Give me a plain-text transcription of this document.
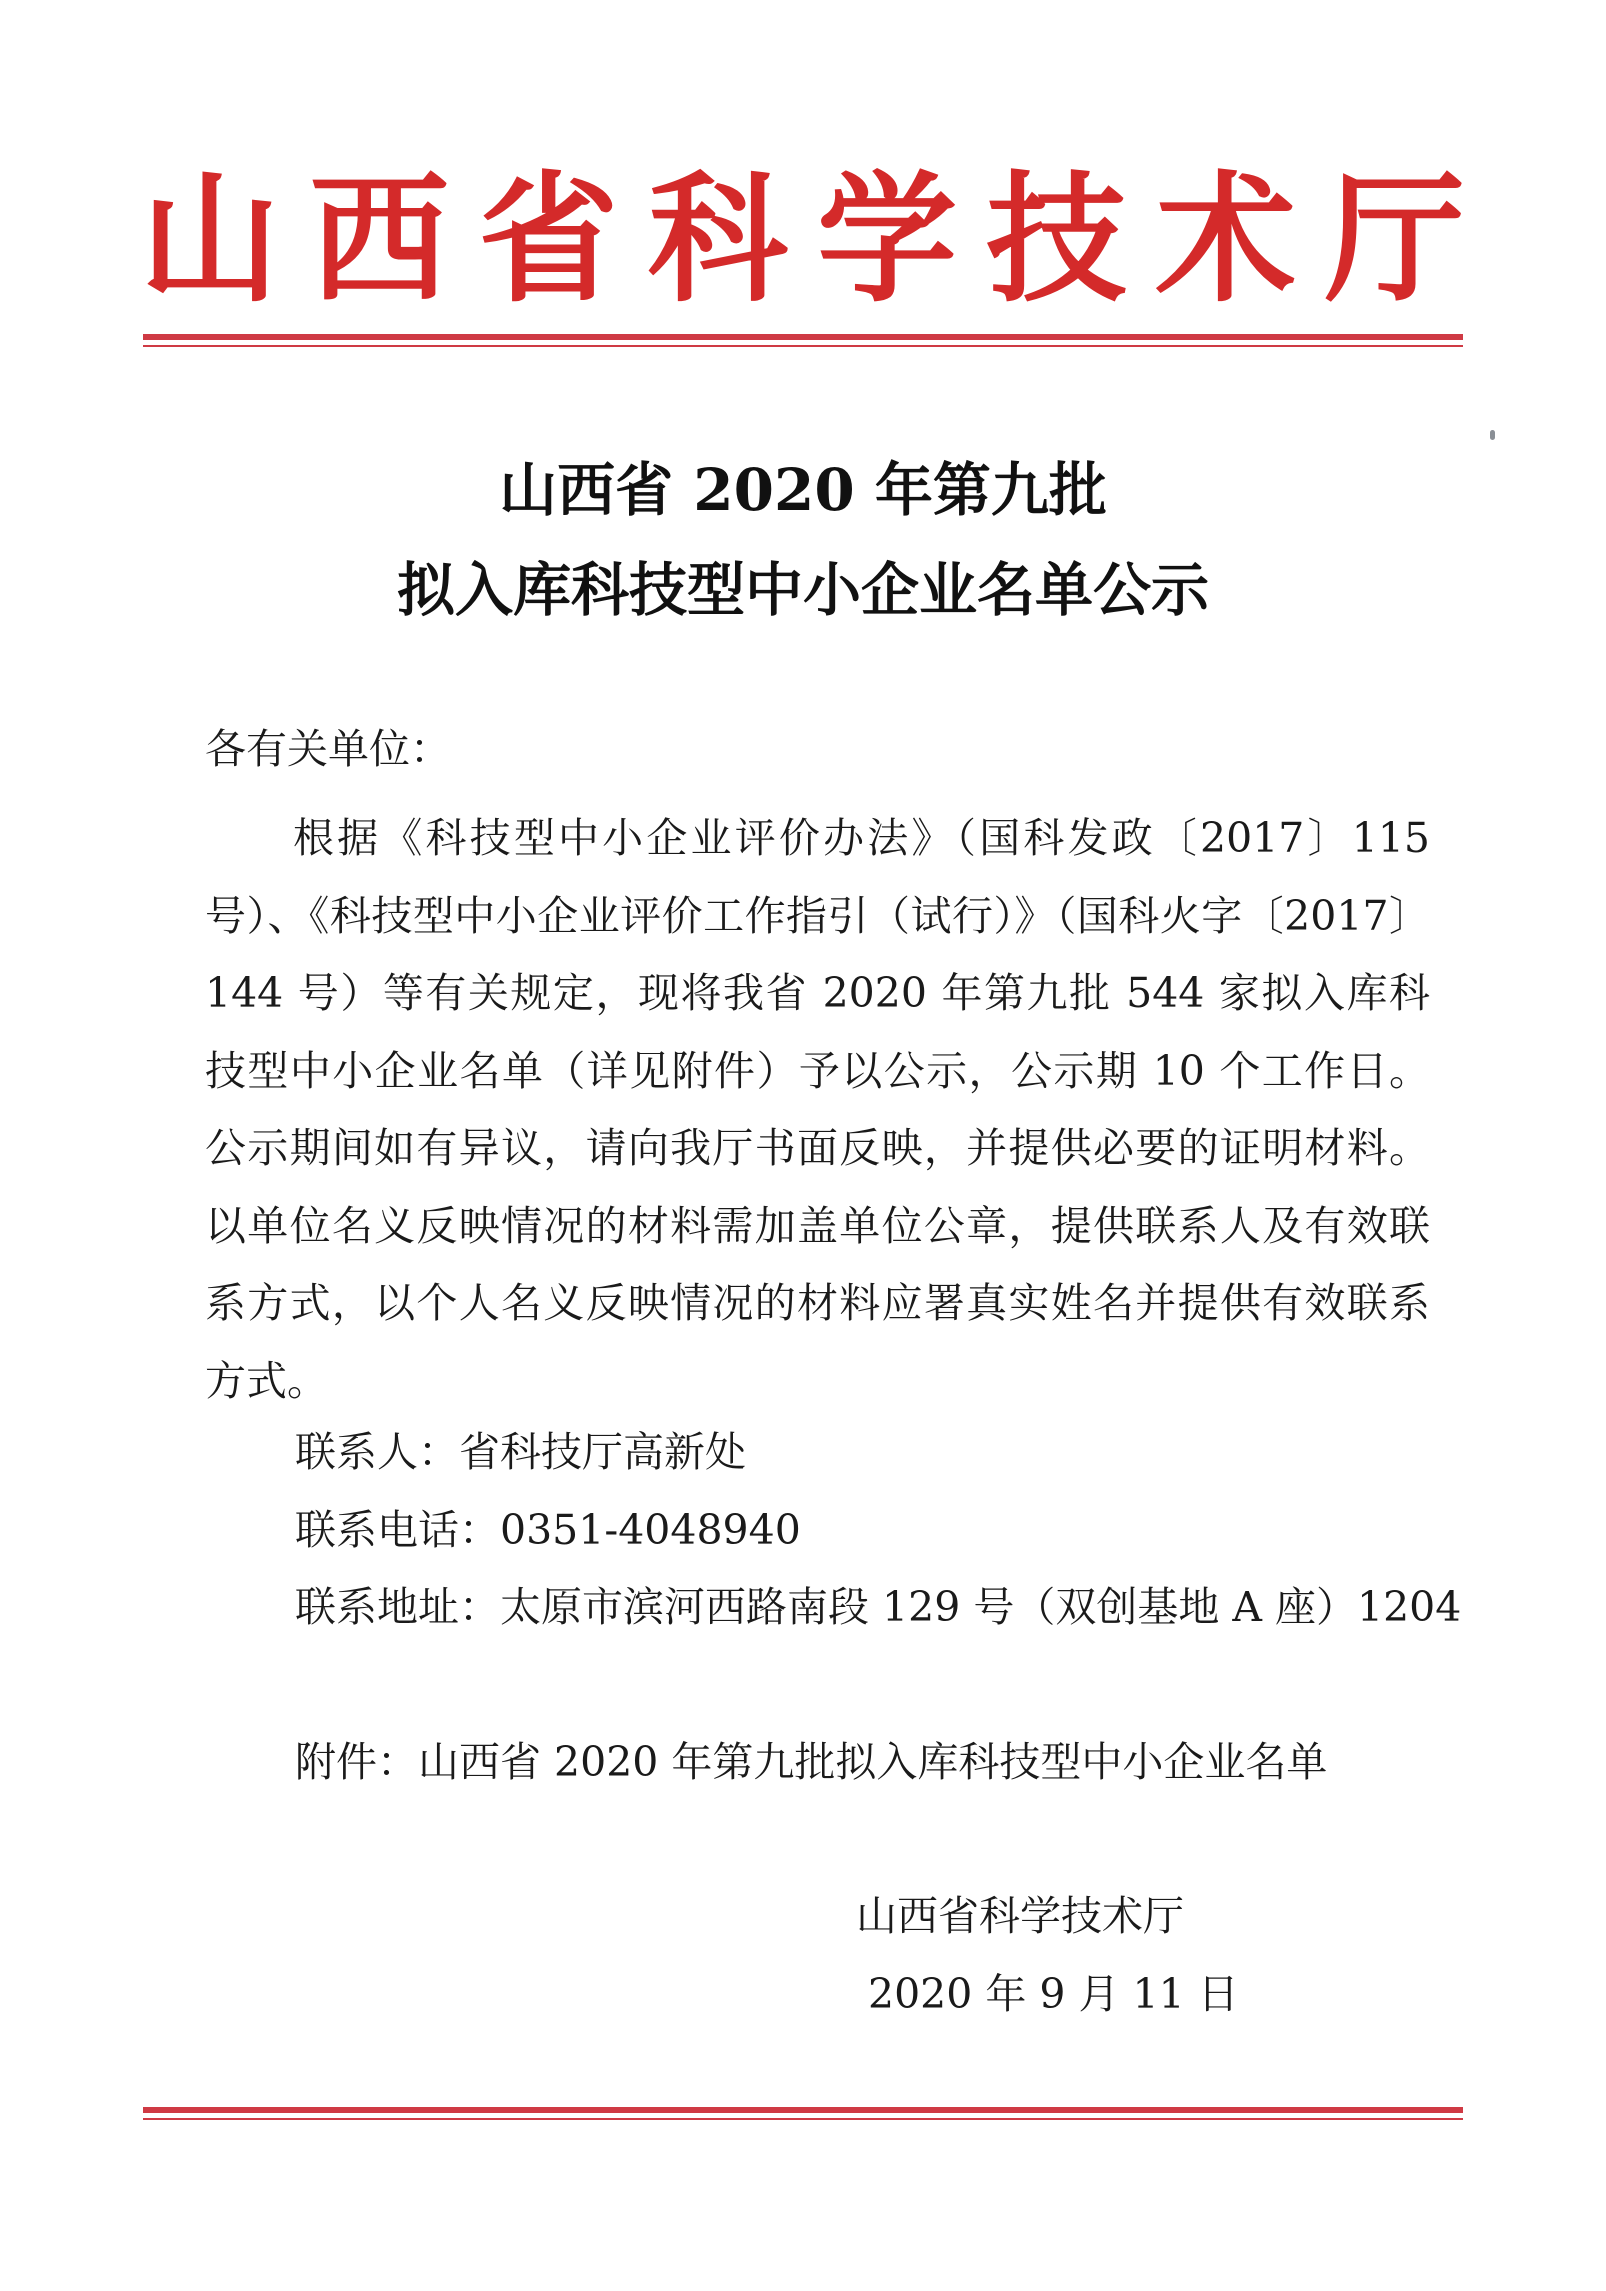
山 西 省 科 学 技 术 厅
山西省 2020 年第九批
拟入库科技型中小企业名单公示
各有关单位：
根据《科技型中小企业评价办法》（国科发政〔2017〕115号）、《科技型中小企业评价工作指引（试行）》（国科火字〔2017〕144 号）等有关规定，现将我省 2020 年第九批 544 家拟入库科技型中小企业名单（详见附件）予以公示，公示期 10 个工作日。公示期间如有异议，请向我厅书面反映，并提供必要的证明材料。以单位名义反映情况的材料需加盖单位公章，提供联系人及有效联系方式，以个人名义反映情况的材料应署真实姓名并提供有效联系方式。
联系人：省科技厅高新处
联系电话：0351-4048940
联系地址：太原市滨河西路南段 129 号（双创基地 A 座）1204
附件：山西省 2020 年第九批拟入库科技型中小企业名单
山西省科学技术厅
2020 年 9 月 11 日
